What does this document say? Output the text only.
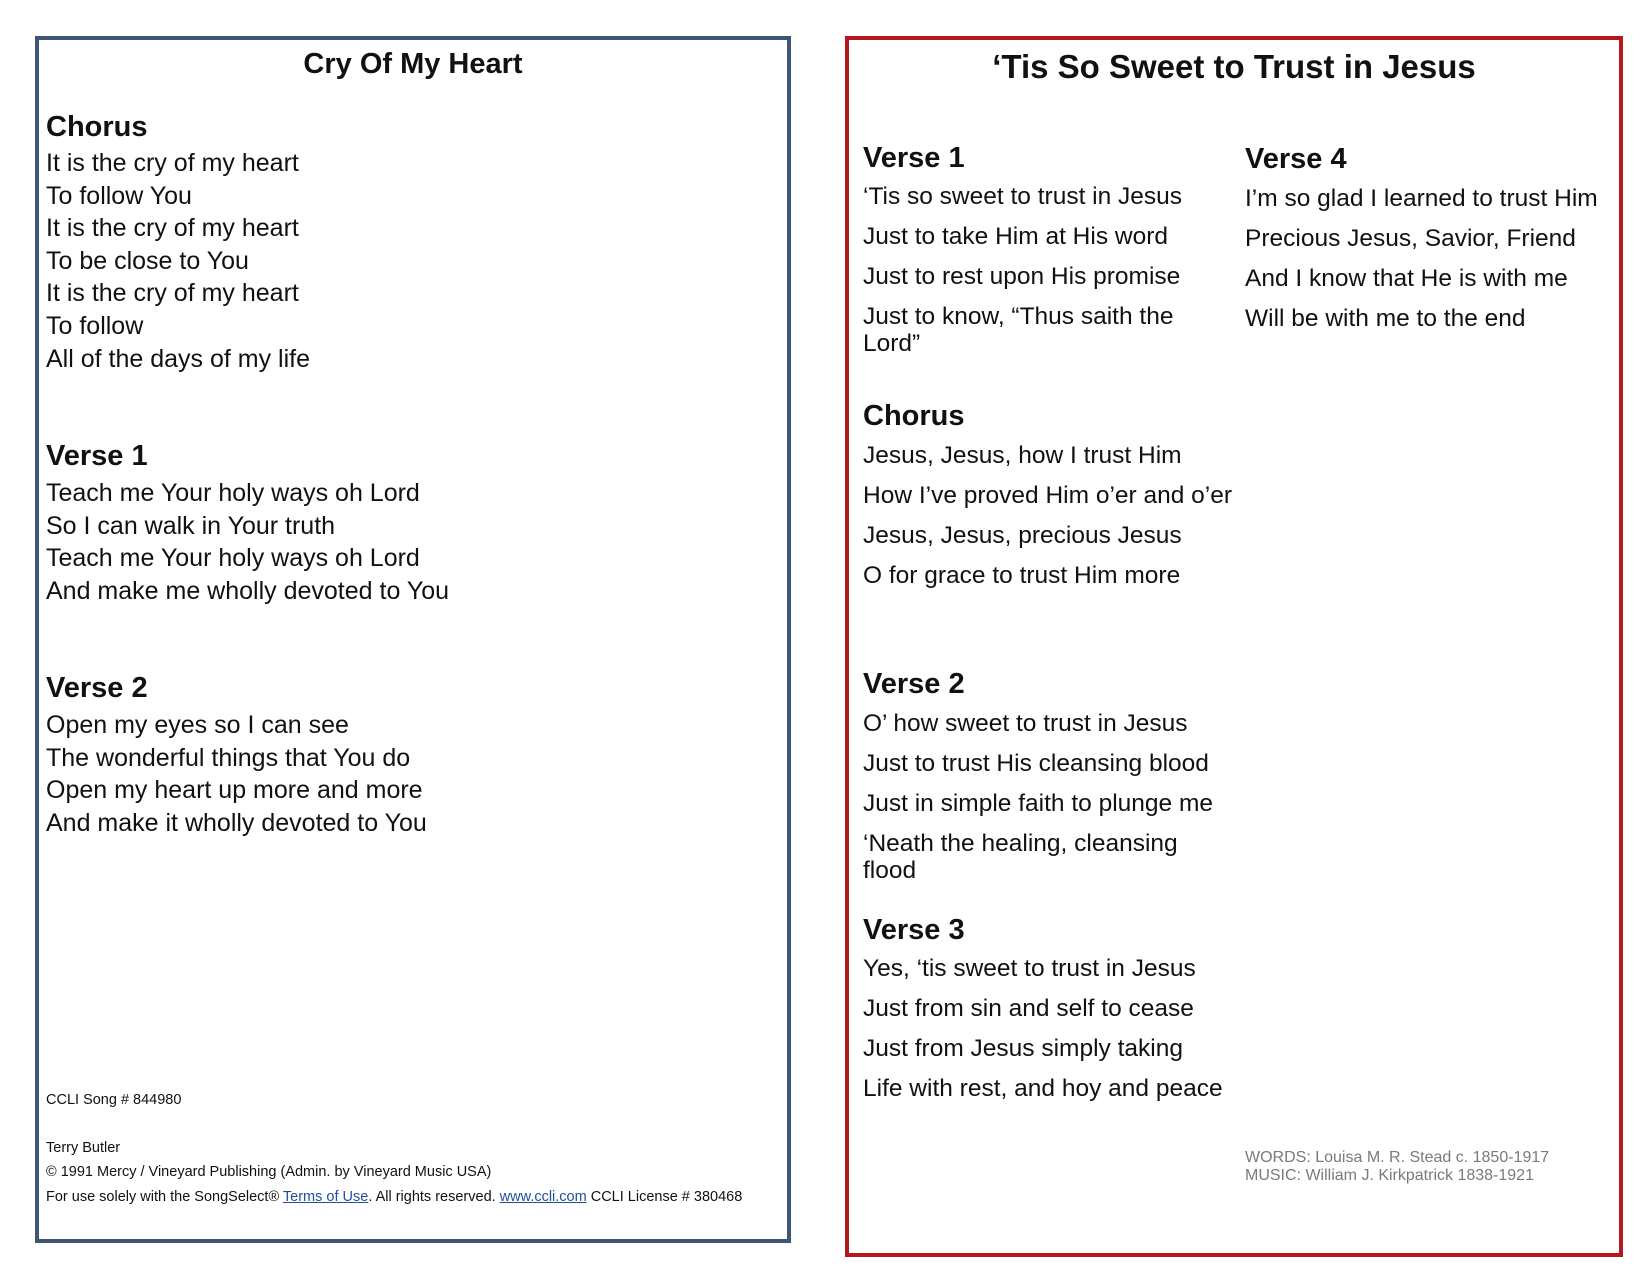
Cry Of My Heart
Chorus
It is the cry of my heart
To follow You
It is the cry of my heart
To be close to You
It is the cry of my heart
To follow
All of the days of my life
Verse 1
Teach me Your holy ways oh Lord
So I can walk in Your truth
Teach me Your holy ways oh Lord
And make me wholly devoted to You
Verse 2
Open my eyes so I can see
The wonderful things that You do
Open my heart up more and more
And make it wholly devoted to You
CCLI Song # 844980
Terry Butler
© 1991 Mercy / Vineyard Publishing (Admin. by Vineyard Music USA)
For use solely with the SongSelect® Terms of Use. All rights reserved. www.ccli.com CCLI License # 380468
‘Tis So Sweet to Trust in Jesus
Verse 1
‘Tis so sweet to trust in Jesus
Just to take Him at His word
Just to rest upon His promise
Just to know, “Thus saith the Lord”
Chorus
Jesus, Jesus, how I trust Him
How I’ve proved Him o’er and o’er
Jesus, Jesus, precious Jesus
O for grace to trust Him more
Verse 2
O’ how sweet to trust in Jesus
Just to trust His cleansing blood
Just in simple faith to plunge me
‘Neath the healing, cleansing flood
Verse 3
Yes, ‘tis sweet to trust in Jesus
Just from sin and self to cease
Just from Jesus simply taking
Life with rest, and hoy and peace
Verse 4
I’m so glad I learned to trust Him
Precious Jesus, Savior, Friend
And I know that He is with me
Will be with me to the end
WORDS: Louisa M. R. Stead c. 1850-1917
MUSIC: William J. Kirkpatrick 1838-1921
